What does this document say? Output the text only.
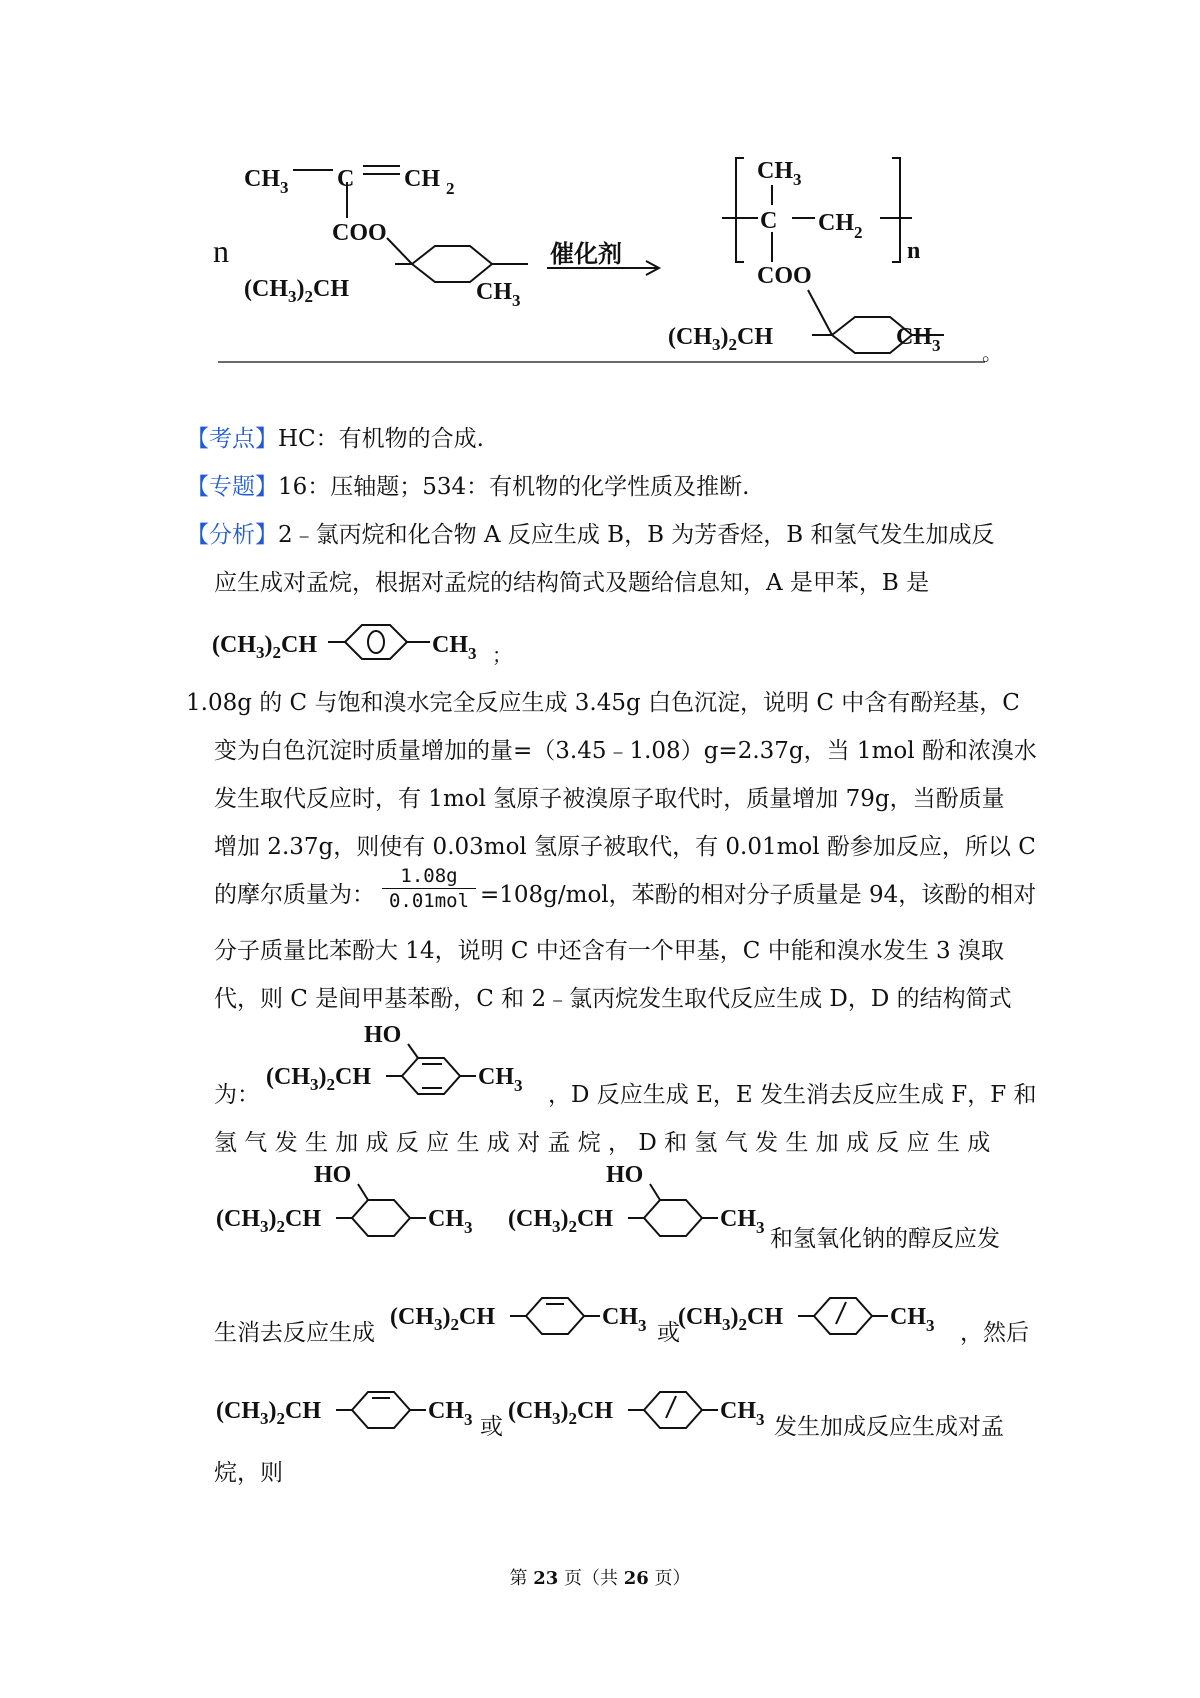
$CH_3$ C CH $_2$
COO
$(CH_3)_2CH$	$CH_3$
n	催化剂
$CH_3$
C $CH_2$
n
COO
$(CH_3)_2CH$	$CH_3$ 。
【考点】HC：有机物的合成.
【专题】16：压轴题；534：有机物的化学性质及推断.
【分析】2﹣氯丙烷和化合物 A 反应生成 B，B 为芳香烃，B 和氢气发生加成反
应生成对孟烷，根据对孟烷的结构简式及题给信息知，A 是甲苯，B 是
$(CH_3)_2CH$	$CH_3$ ；
1.08g 的 C 与饱和溴水完全反应生成 3.45g 白色沉淀，说明 C 中含有酚羟基，C
变为白色沉淀时质量增加的量=（3.45﹣1.08）g=2.37g，当 1mol 酚和浓溴水
发生取代反应时，有 1mol 氢原子被溴原子取代时，质量增加 79g，当酚质量
增加 2.37g，则使有 0.03mol 氢原子被取代，有 0.01mol 酚参加反应，所以 C
的摩尔质量为：
1.08g
0.01mol =108g/mol，苯酚的相对分子质量是 94，该酚的相对
分子质量比苯酚大 14，说明 C 中还含有一个甲基，C 中能和溴水发生 3 溴取
代，则 C 是间甲基苯酚，C 和 2﹣氯丙烷发生取代反应生成 D，D 的结构简式
为：
HO
$(CH_3)_2CH$	$CH_3$ ，D 反应生成 E，E 发生消去反应生成 F，F 和
氢 气 发 生 加 成 反 应 生 成 对 孟 烷 ， D 和 氢 气 发 生 加 成 反 应 生 成
HO
$(CH_3)_2CH$	$CH_3$
HO
$(CH_3)_2CH$	$CH_3$ 和氢氧化钠的醇反应发
生消去反应生成
$(CH_3)_2CH$	$CH_3$ $(CH_3)_2CH$	$CH_3$
或	，然后
$(CH_3)_2CH$	$CH_3$ $(CH_3)_2CH$	$CH_3$
或	发生加成反应生成对孟
烷，则
第 23 页（共 26 页）
